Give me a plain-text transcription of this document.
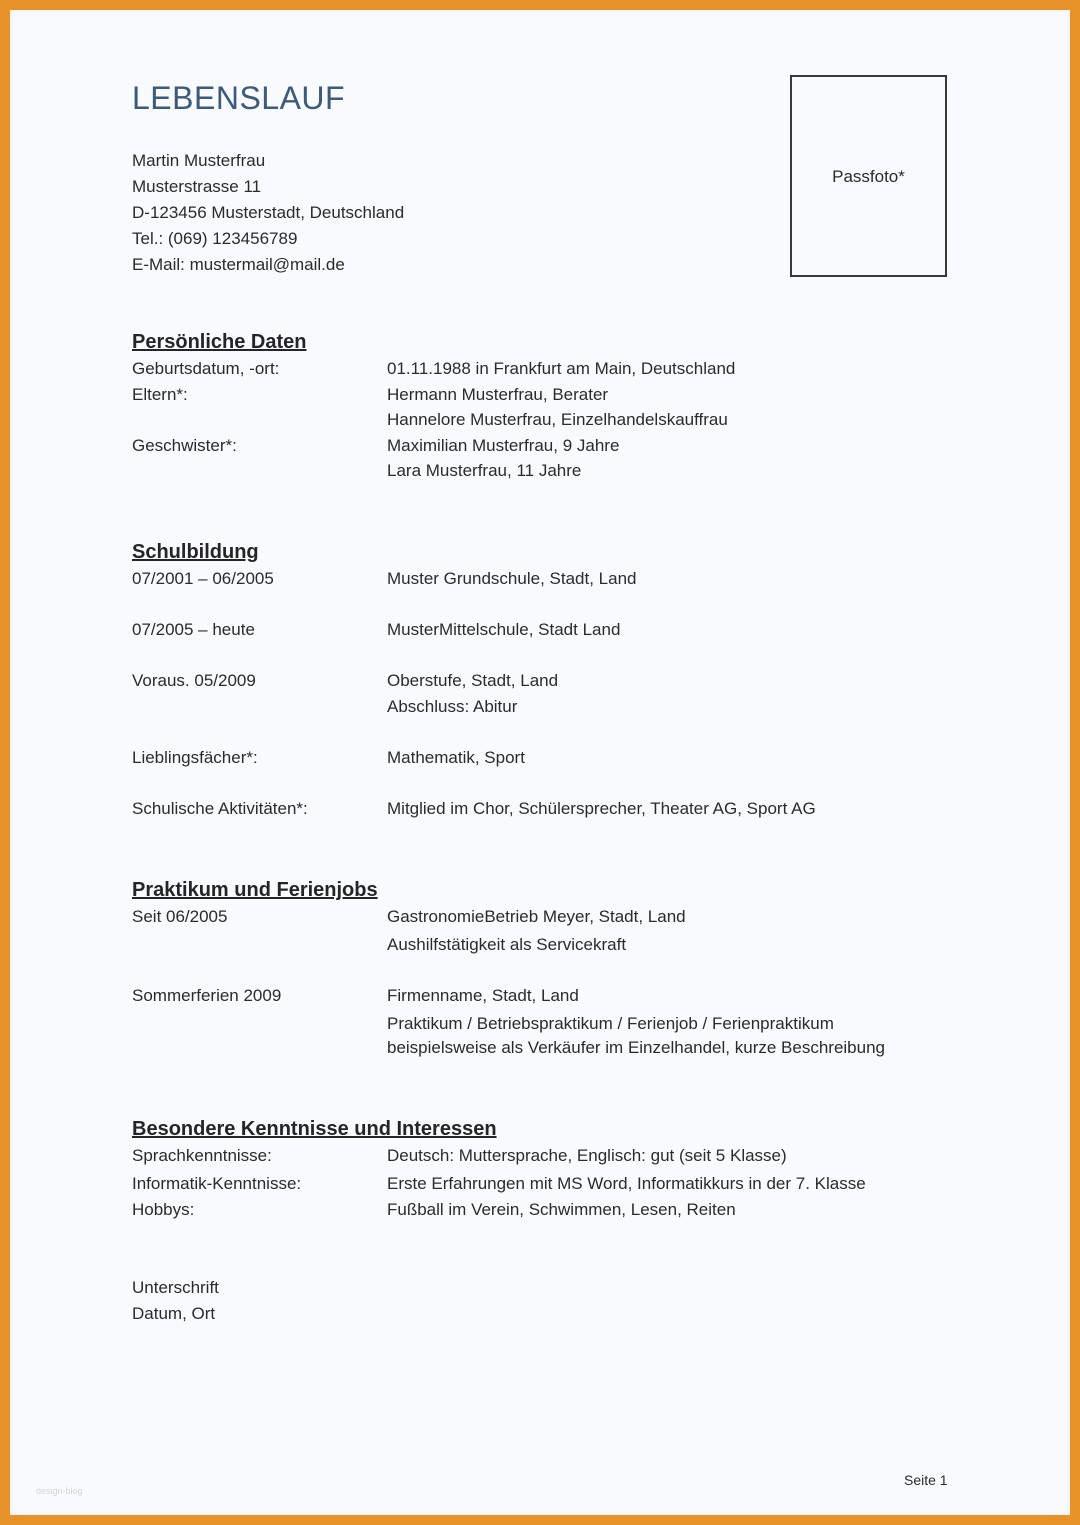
LEBENSLAUF
Martin Musterfrau
Musterstrasse 11
D-123456 Musterstadt, Deutschland
Tel.: (069) 123456789
E-Mail: mustermail@mail.de
Passfoto*
Persönliche Daten
Geburtsdatum, -ort:	01.11.1988 in Frankfurt am Main, Deutschland
Eltern*:	Hermann Musterfrau, Berater
Hannelore Musterfrau, Einzelhandelskauffrau
Geschwister*:	Maximilian Musterfrau, 9 Jahre
Lara Musterfrau, 11 Jahre
Schulbildung
07/2001 – 06/2005	Muster Grundschule, Stadt, Land
07/2005 – heute	MusterMittelschule, Stadt Land
Voraus. 05/2009	Oberstufe, Stadt, Land
Abschluss: Abitur
Lieblingsfächer*:	Mathematik, Sport
Schulische Aktivitäten*:	Mitglied im Chor, Schülersprecher, Theater AG, Sport AG
Praktikum und Ferienjobs
Seit 06/2005	GastronomieBetrieb Meyer, Stadt, Land
Aushilfstätigkeit als Servicekraft
Sommerferien 2009	Firmenname, Stadt, Land
Praktikum / Betriebspraktikum / Ferienjob / Ferienpraktikum
beispielsweise als Verkäufer im Einzelhandel, kurze Beschreibung
Besondere Kenntnisse und Interessen
Sprachkenntnisse:	Deutsch: Muttersprache, Englisch: gut (seit 5 Klasse)
Informatik-Kenntnisse:	Erste Erfahrungen mit MS Word, Informatikkurs in der 7. Klasse
Hobbys:	Fußball im Verein, Schwimmen, Lesen, Reiten
Unterschrift
Datum, Ort
Seite 1
design-blog
